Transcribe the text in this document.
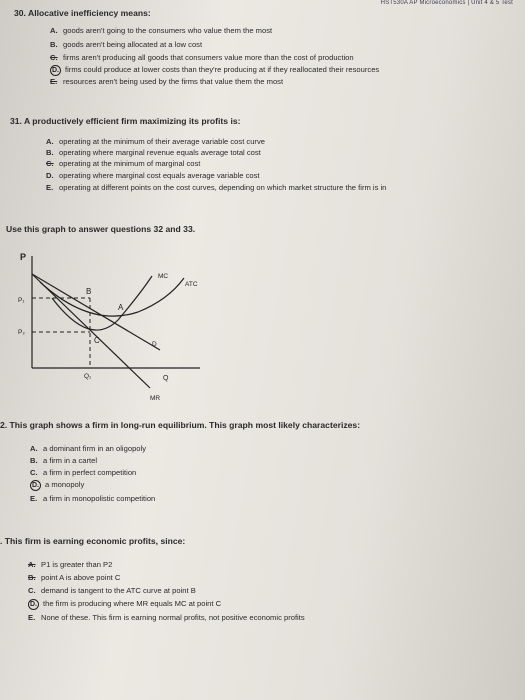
HST530A AP Microeconomics | Unit 4 & 5 Test
30. Allocative inefficiency means:
A. goods aren't going to the consumers who value them the most
B. goods aren't being allocated at a low cost
C. firms aren't producing all goods that consumers value more than the cost of production
D. firms could produce at lower costs than they're producing at if they reallocated their resources
E. resources aren't being used by the firms that value them the most
31. A productively efficient firm maximizing its profits is:
A. operating at the minimum of their average variable cost curve
B. operating where marginal revenue equals average total cost
C. operating at the minimum of marginal cost
D. operating where marginal cost equals average variable cost
E. operating at different points on the cost curves, depending on which market structure the firm is in
Use this graph to answer questions 32 and 33.
P
Q
D
MR
MC
ATC
P₁
P₂
Q₁
B
A
C
2. This graph shows a firm in long-run equilibrium. This graph most likely characterizes:
A. a dominant firm in an oligopoly
B. a firm in a cartel
C. a firm in perfect competition
D. a monopoly
E. a firm in monopolistic competition
. This firm is earning economic profits, since:
A. P1 is greater than P2
B. point A is above point C
C. demand is tangent to the ATC curve at point B
D. the firm is producing where MR equals MC at point C
E. None of these. This firm is earning normal profits, not positive economic profits
